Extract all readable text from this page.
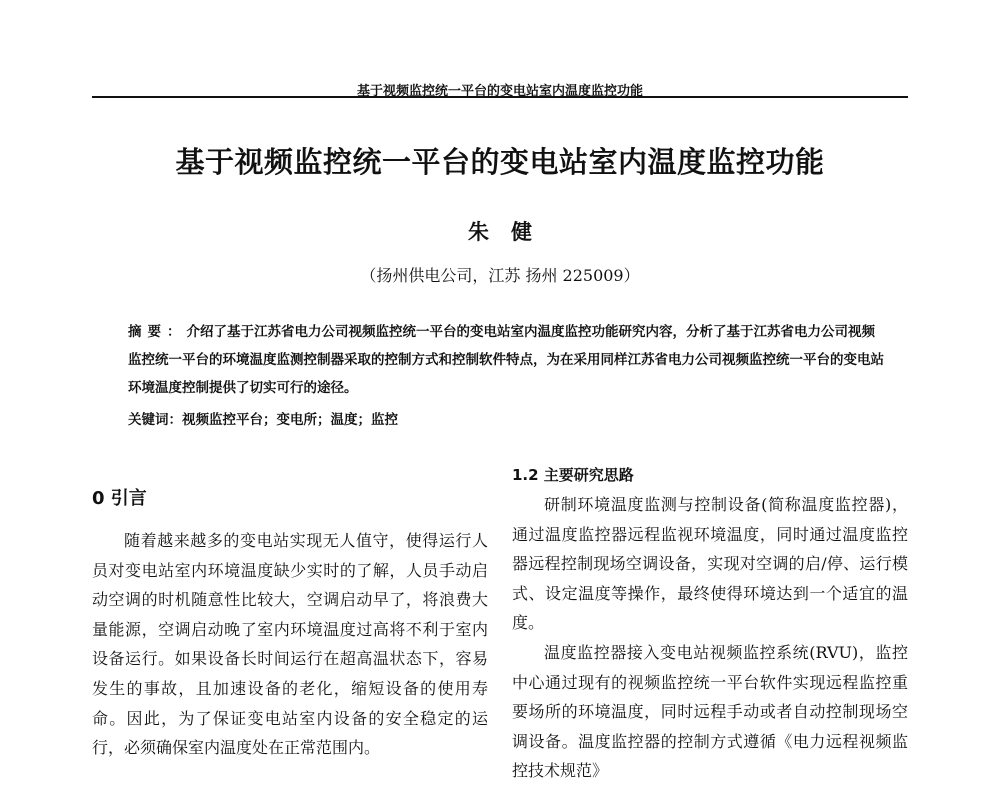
基于视频监控统一平台的变电站室内温度监控功能
基于视频监控统一平台的变电站室内温度监控功能
朱健
（扬州供电公司，江苏 扬州 225009）
摘要：介绍了基于江苏省电力公司视频监控统一平台的变电站室内温度监控功能研究内容，分析了基于江苏省电力公司视频监控统一平台的环境温度监测控制器采取的控制方式和控制软件特点，为在采用同样江苏省电力公司视频监控统一平台的变电站环境温度控制提供了切实可行的途径。
关键词：视频监控平台；变电所；温度；监控
0 引言

随着越来越多的变电站实现无人值守，使得运行人员对变电站室内环境温度缺少实时的了解，人员手动启动空调的时机随意性比较大，空调启动早了，将浪费大量能源，空调启动晚了室内环境温度过高将不利于室内设备运行。如果设备长时间运行在超高温状态下，容易发生的事故，且加速设备的老化，缩短设备的使用寿命。因此，为了保证变电站室内设备的安全稳定的运行，必须确保室内温度处在正常范围内。

1.2 主要研究思路

研制环境温度监测与控制设备(简称温度监控器)，通过温度监控器远程监视环境温度，同时通过温度监控器远程控制现场空调设备，实现对空调的启/停、运行模式、设定温度等操作，最终使得环境达到一个适宜的温度。

温度监控器接入变电站视频监控系统(RVU)，监控中心通过现有的视频监控统一平台软件实现远程监控重要场所的环境温度，同时远程手动或者自动控制现场空调设备。温度监控器的控制方式遵循《电力远程视频监控技术规范》
